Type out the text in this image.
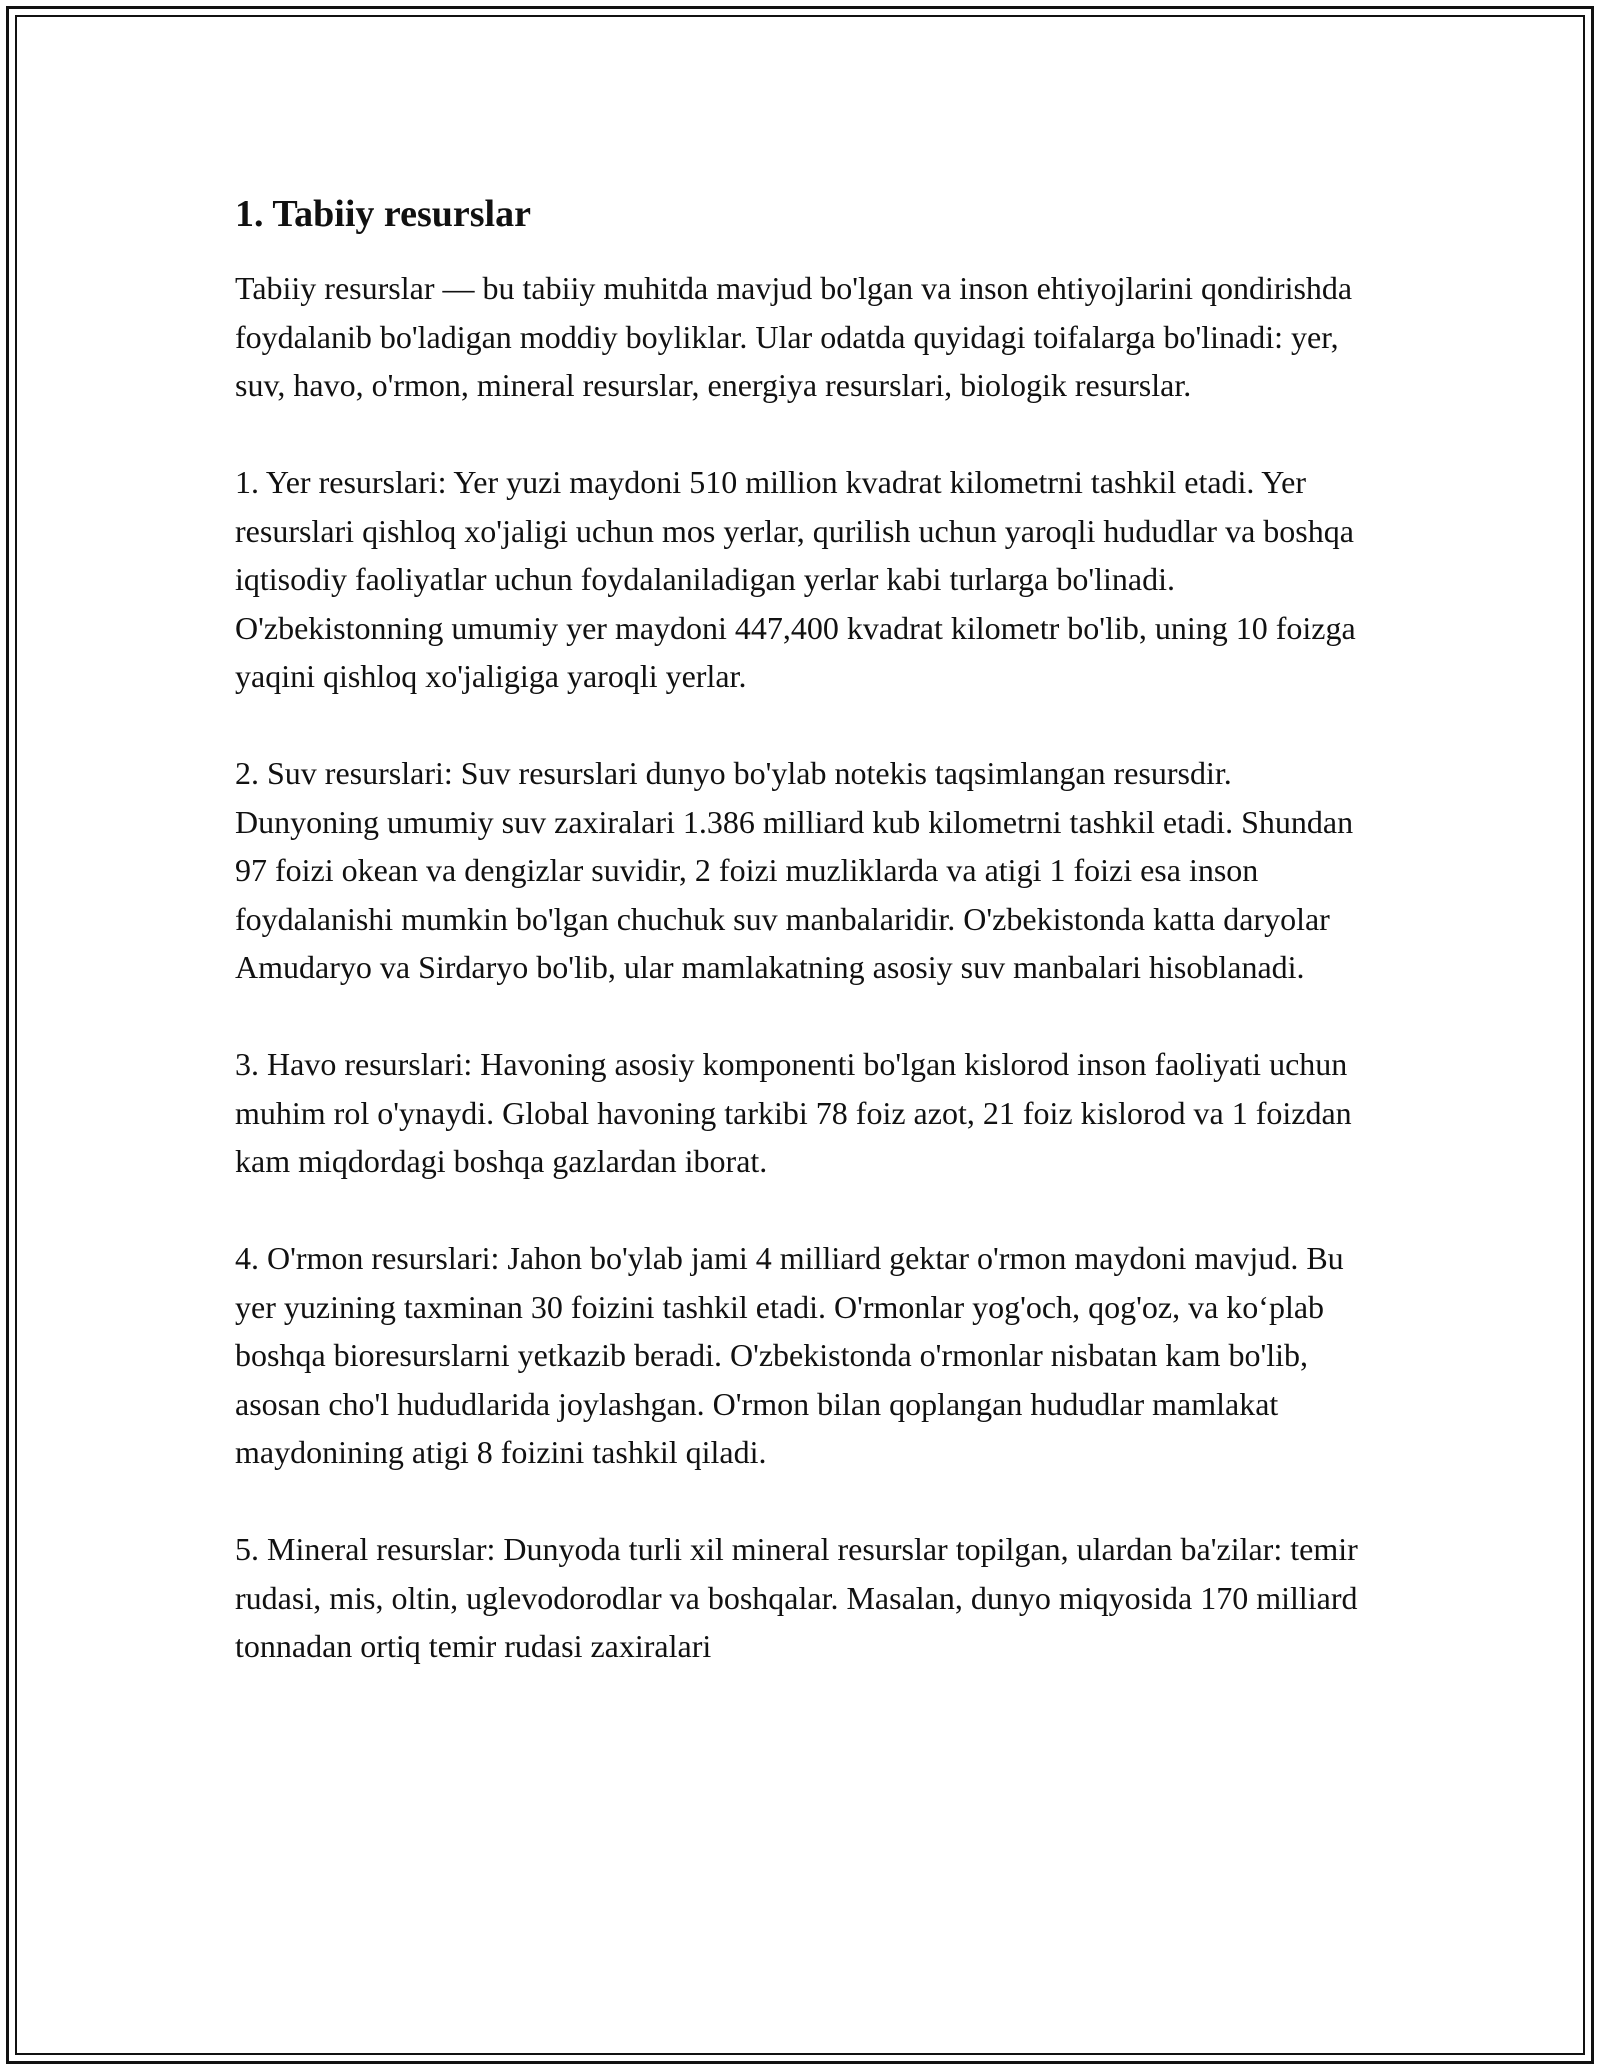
1. Tabiiy resurslar

Tabiiy resurslar — bu tabiiy muhitda mavjud bo'lgan va inson ehtiyojlarini qondirishda foydalanib bo'ladigan moddiy boyliklar. Ular odatda quyidagi toifalarga bo'linadi: yer, suv, havo, o'rmon, mineral resurslar, energiya resurslari, biologik resurslar.

1. Yer resurslari: Yer yuzi maydoni 510 million kvadrat kilometrni tashkil etadi. Yer resurslari qishloq xo'jaligi uchun mos yerlar, qurilish uchun yaroqli hududlar va boshqa iqtisodiy faoliyatlar uchun foydalaniladigan yerlar kabi turlarga bo'linadi. O'zbekistonning umumiy yer maydoni 447,400 kvadrat kilometr bo'lib, uning 10 foizga yaqini qishloq xo'jaligiga yaroqli yerlar.

2. Suv resurslari: Suv resurslari dunyo bo'ylab notekis taqsimlangan resursdir. Dunyoning umumiy suv zaxiralari 1.386 milliard kub kilometrni tashkil etadi. Shundan 97 foizi okean va dengizlar suvidir, 2 foizi muzliklarda va atigi 1 foizi esa inson foydalanishi mumkin bo'lgan chuchuk suv manbalaridir. O'zbekistonda katta daryolar Amudaryo va Sirdaryo bo'lib, ular mamlakatning asosiy suv manbalari hisoblanadi.

3. Havo resurslari: Havoning asosiy komponenti bo'lgan kislorod inson faoliyati uchun muhim rol o'ynaydi. Global havoning tarkibi 78 foiz azot, 21 foiz kislorod va 1 foizdan kam miqdordagi boshqa gazlardan iborat.

4. O'rmon resurslari: Jahon bo'ylab jami 4 milliard gektar o'rmon maydoni mavjud. Bu yer yuzining taxminan 30 foizini tashkil etadi. O'rmonlar yog'och, qog'oz, va ko‘plab boshqa bioresurslarni yetkazib beradi. O'zbekistonda o'rmonlar nisbatan kam bo'lib, asosan cho'l hududlarida joylashgan. O'rmon bilan qoplangan hududlar mamlakat maydonining atigi 8 foizini tashkil qiladi.

5. Mineral resurslar: Dunyoda turli xil mineral resurslar topilgan, ulardan ba'zilar: temir rudasi, mis, oltin, uglevodorodlar va boshqalar. Masalan, dunyo miqyosida 170 milliard tonnadan ortiq temir rudasi zaxiralari
